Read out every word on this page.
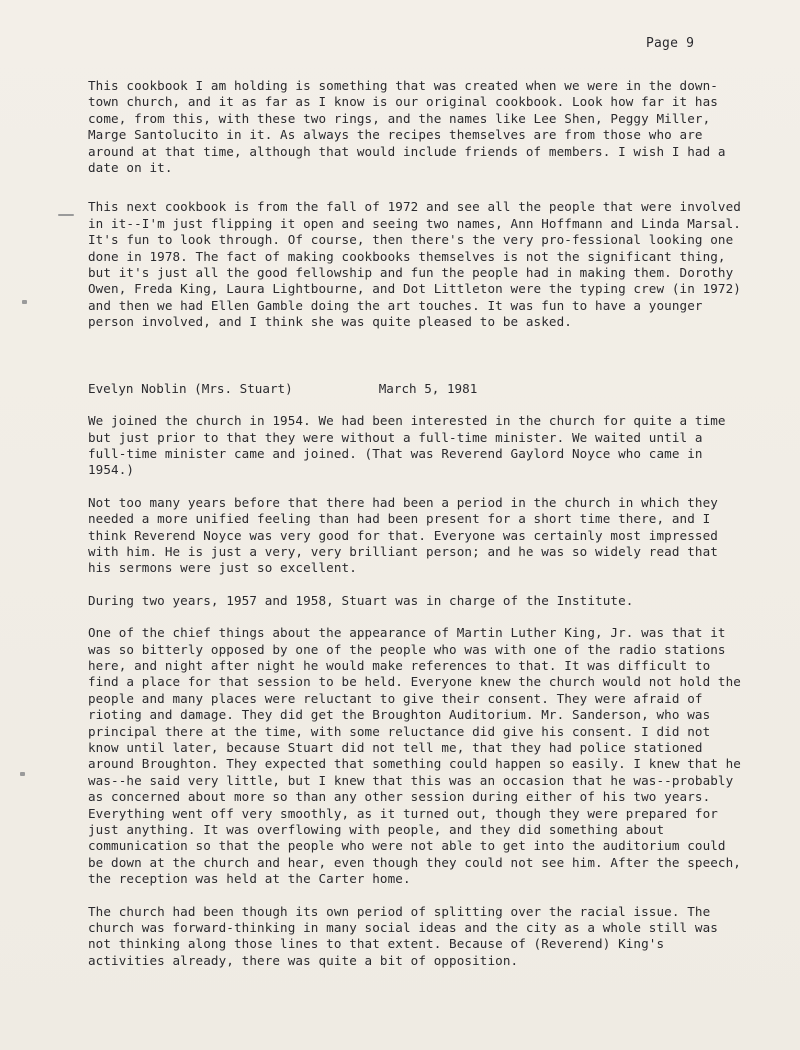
Page 9

This cookbook I am holding is something that was created when we were in the down-town church, and it as far as I know is our original cookbook. Look how far it has come, from this, with these two rings, and the names like Lee Shen, Peggy Miller, Marge Santolucito in it. As always the recipes themselves are from those who are around at that time, although that would include friends of members. I wish I had a date on it.

This next cookbook is from the fall of 1972 and see all the people that were involved in it--I'm just flipping it open and seeing two names, Ann Hoffmann and Linda Marsal. It's fun to look through. Of course, then there's the very pro-fessional looking one done in 1978. The fact of making cookbooks themselves is not the significant thing, but it's just all the good fellowship and fun the people had in making them. Dorothy Owen, Freda King, Laura Lightbourne, and Dot Littleton were the typing crew (in 1972) and then we had Ellen Gamble doing the art touches. It was fun to have a younger person involved, and I think she was quite pleased to be asked.

Evelyn Noblin (Mrs. Stuart)	March 5, 1981

We joined the church in 1954. We had been interested in the church for quite a time but just prior to that they were without a full-time minister. We waited until a full-time minister came and joined. (That was Reverend Gaylord Noyce who came in 1954.)

Not too many years before that there had been a period in the church in which they needed a more unified feeling than had been present for a short time there, and I think Reverend Noyce was very good for that. Everyone was certainly most impressed with him. He is just a very, very brilliant person; and he was so widely read that his sermons were just so excellent.

During two years, 1957 and 1958, Stuart was in charge of the Institute.

One of the chief things about the appearance of Martin Luther King, Jr. was that it was so bitterly opposed by one of the people who was with one of the radio stations here, and night after night he would make references to that. It was difficult to find a place for that session to be held. Everyone knew the church would not hold the people and many places were reluctant to give their consent. They were afraid of rioting and damage. They did get the Broughton Auditorium. Mr. Sanderson, who was principal there at the time, with some reluctance did give his consent. I did not know until later, because Stuart did not tell me, that they had police stationed around Broughton. They expected that something could happen so easily. I knew that he was--he said very little, but I knew that this was an occasion that he was--probably as concerned about more so than any other session during either of his two years. Everything went off very smoothly, as it turned out, though they were prepared for just anything. It was overflowing with people, and they did something about communication so that the people who were not able to get into the auditorium could be down at the church and hear, even though they could not see him. After the speech, the reception was held at the Carter home.

The church had been though its own period of splitting over the racial issue. The church was forward-thinking in many social ideas and the city as a whole still was not thinking along those lines to that extent. Because of (Reverend) King's activities already, there was quite a bit of opposition.
